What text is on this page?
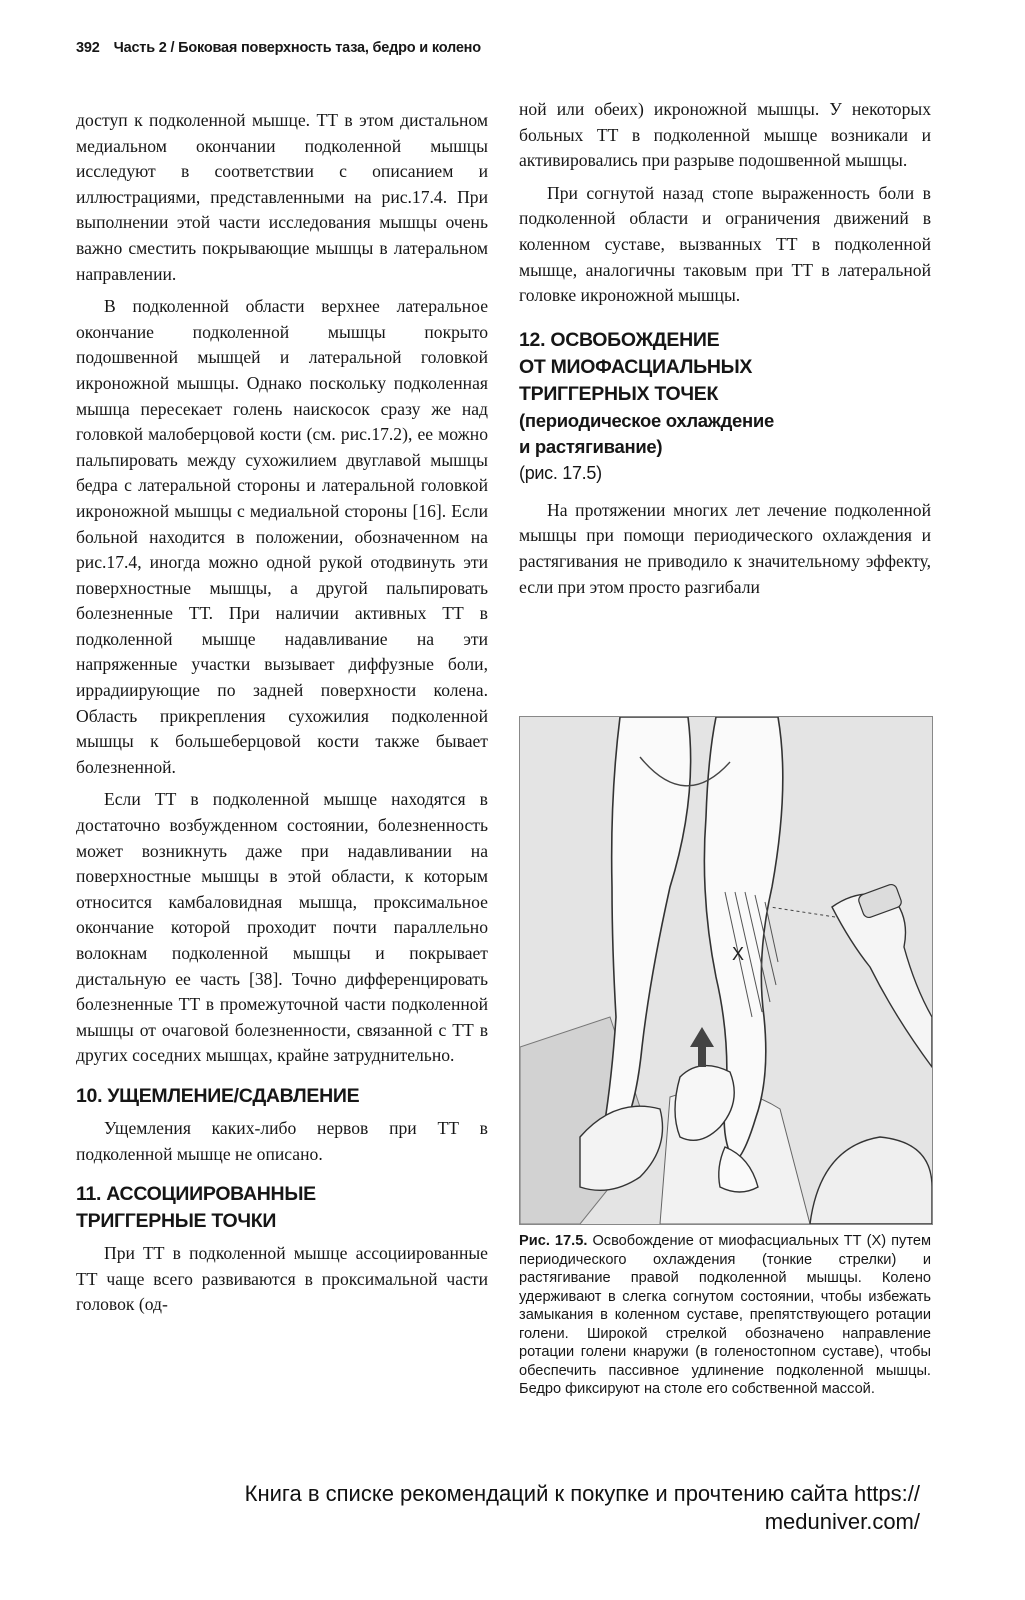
392 Часть 2 / Боковая поверхность таза, бедро и колено

доступ к подколенной мышце. ТТ в этом дистальном медиальном окончании подколенной мышцы исследуют в соответствии с описанием и иллюстрациями, представленными на рис.17.4. При выполнении этой части исследования мышцы очень важно сместить покрывающие мышцы в латеральном направлении.

В подколенной области верхнее латеральное окончание подколенной мышцы покрыто подошвенной мышцей и латеральной головкой икроножной мышцы. Однако поскольку подколенная мышца пересекает голень наискосок сразу же над головкой малоберцовой кости (см. рис.17.2), ее можно пальпировать между сухожилием двуглавой мышцы бедра с латеральной стороны и латеральной головкой икроножной мышцы с медиальной стороны [16]. Если больной находится в положении, обозначенном на рис.17.4, иногда можно одной рукой отодвинуть эти поверхностные мышцы, а другой пальпировать болезненные ТТ. При наличии активных ТТ в подколенной мышце надавливание на эти напряженные участки вызывает диффузные боли, иррадиирующие по задней поверхности колена. Область прикрепления сухожилия подколенной мышцы к большеберцовой кости также бывает болезненной.

Если ТТ в подколенной мышце находятся в достаточно возбужденном состоянии, болезненность может возникнуть даже при надавливании на поверхностные мышцы в этой области, к которым относится камбаловидная мышца, проксимальное окончание которой проходит почти параллельно волокнам подколенной мышцы и покрывает дистальную ее часть [38]. Точно дифференцировать болезненные ТТ в промежуточной части подколенной мышцы от очаговой болезненности, связанной с ТТ в других соседних мышцах, крайне затруднительно.

10. УЩЕМЛЕНИЕ/СДАВЛЕНИЕ

Ущемления каких-либо нервов при ТТ в подколенной мышце не описано.

11. АССОЦИИРОВАННЫЕ
ТРИГГЕРНЫЕ ТОЧКИ

При ТТ в подколенной мышце ассоциированные ТТ чаще всего развиваются в проксимальной части головок (од-

ной или обеих) икроножной мышцы. У некоторых больных ТТ в подколенной мышце возникали и активировались при разрыве подошвенной мышцы.

При согнутой назад стопе выраженность боли в подколенной области и ограничения движений в коленном суставе, вызванных ТТ в подколенной мышце, аналогичны таковым при ТТ в латеральной головке икроножной мышцы.

12. ОСВОБОЖДЕНИЕ
ОТ МИОФАСЦИАЛЬНЫХ
ТРИГГЕРНЫХ ТОЧЕК
(периодическое охлаждение
и растягивание)
(рис. 17.5)

На протяжении многих лет лечение подколенной мышцы при помощи периодического охлаждения и растягивания не приводило к значительному эффекту, если при этом просто разгибали

X
Рис. 17.5. Освобождение от миофасциальных ТТ (X) путем периодического охлаждения (тонкие стрелки) и растягивание правой подколенной мышцы. Колено удерживают в слегка согнутом состоянии, чтобы избежать замыкания в коленном суставе, препятствующего ротации голени. Широкой стрелкой обозначено направление ротации голени кнаружи (в голеностопном суставе), чтобы обеспечить пассивное удлинение подколенной мышцы. Бедро фиксируют на столе его собственной массой.
Книга в списке рекомендаций к покупке и прочтению сайта https://
meduniver.com/
